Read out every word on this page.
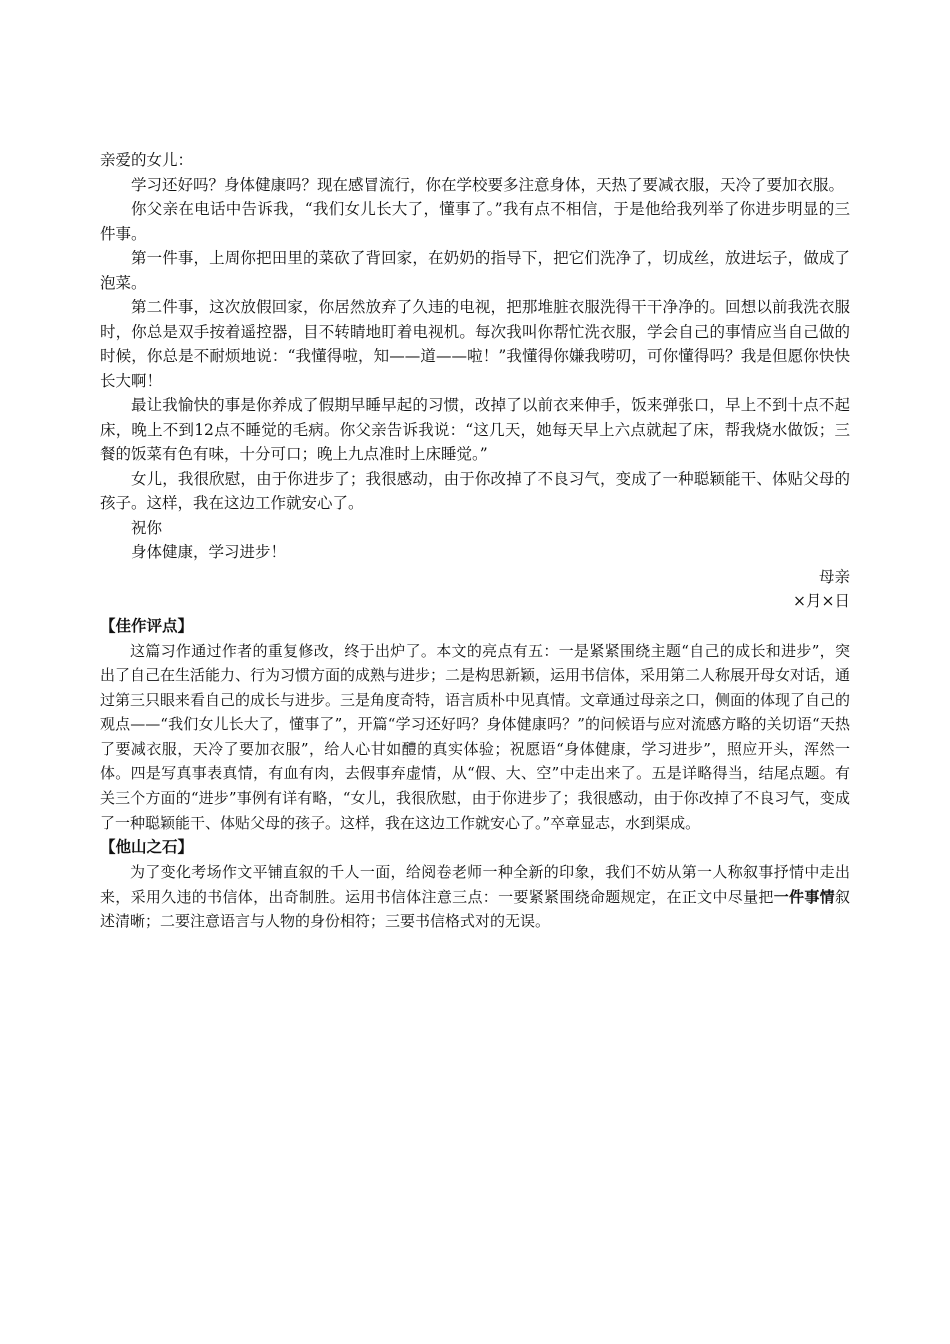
亲爱的女儿：

学习还好吗？身体健康吗？现在感冒流行，你在学校要多注意身体，天热了要减衣服，天冷了要加衣服。

你父亲在电话中告诉我，“我们女儿长大了，懂事了。”我有点不相信，于是他给我列举了你进步明显的三件事。

第一件事，上周你把田里的菜砍了背回家，在奶奶的指导下，把它们洗净了，切成丝，放进坛子，做成了泡菜。

第二件事，这次放假回家，你居然放弃了久违的电视，把那堆脏衣服洗得干干净净的。回想以前我洗衣服时，你总是双手按着遥控器，目不转睛地盯着电视机。每次我叫你帮忙洗衣服，学会自己的事情应当自己做的时候，你总是不耐烦地说：“我懂得啦，知——道——啦！”我懂得你嫌我唠叨，可你懂得吗？我是但愿你快快长大啊！

最让我愉快的事是你养成了假期早睡早起的习惯，改掉了以前衣来伸手，饭来弹张口，早上不到十点不起床，晚上不到12点不睡觉的毛病。你父亲告诉我说：“这几天，她每天早上六点就起了床，帮我烧水做饭；三餐的饭菜有色有味，十分可口；晚上九点准时上床睡觉。”

女儿，我很欣慰，由于你进步了；我很感动，由于你改掉了不良习气，变成了一种聪颖能干、体贴父母的孩子。这样，我在这边工作就安心了。

祝你

身体健康，学习进步！

母亲

×月×日

【佳作评点】

这篇习作通过作者的重复修改，终于出炉了。本文的亮点有五：一是紧紧围绕主题“自己的成长和进步”，突出了自己在生活能力、行为习惯方面的成熟与进步；二是构思新颖，运用书信体，采用第二人称展开母女对话，通过第三只眼来看自己的成长与进步。三是角度奇特，语言质朴中见真情。文章通过母亲之口，侧面的体现了自己的观点——“我们女儿长大了，懂事了”，开篇“学习还好吗？身体健康吗？”的问候语与应对流感方略的关切语“天热了要减衣服，天冷了要加衣服”，给人心甘如醴的真实体验；祝愿语“身体健康，学习进步”，照应开头，浑然一体。四是写真事表真情，有血有肉，去假事弃虚情，从“假、大、空”中走出来了。五是详略得当，结尾点题。有关三个方面的“进步”事例有详有略，“女儿，我很欣慰，由于你进步了；我很感动，由于你改掉了不良习气，变成了一种聪颖能干、体贴父母的孩子。这样，我在这边工作就安心了。”卒章显志，水到渠成。

【他山之石】

为了变化考场作文平铺直叙的千人一面，给阅卷老师一种全新的印象，我们不妨从第一人称叙事抒情中走出来，采用久违的书信体，出奇制胜。运用书信体注意三点：一要紧紧围绕命题规定，在正文中尽量把一件事情叙述清晰；二要注意语言与人物的身份相符；三要书信格式对的无误。
